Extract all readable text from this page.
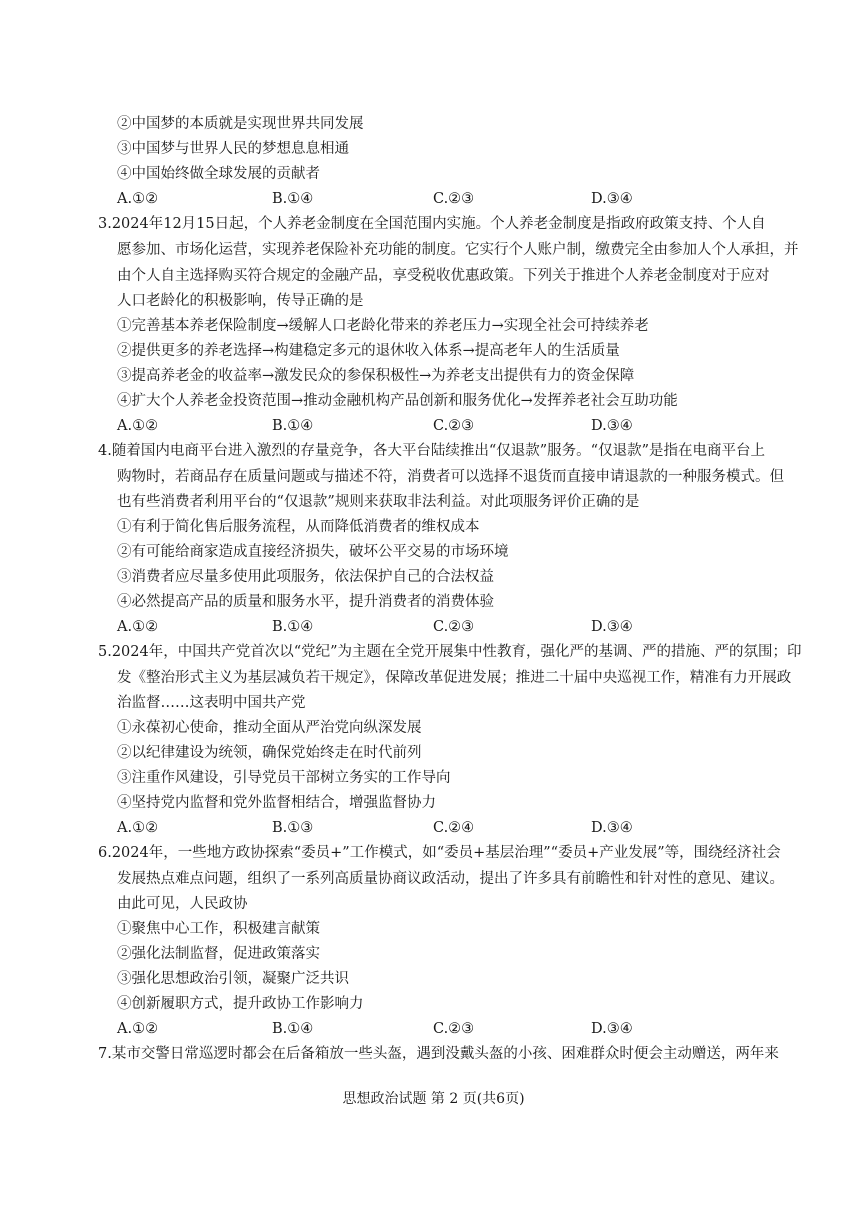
②中国梦的本质就是实现世界共同发展
③中国梦与世界人民的梦想息息相通
④中国始终做全球发展的贡献者
A.①②	B.①④	C.②③	D.③④
3.2024年12月15日起，个人养老金制度在全国范围内实施。个人养老金制度是指政府政策支持、个人自
愿参加、市场化运营，实现养老保险补充功能的制度。它实行个人账户制，缴费完全由参加人个人承担，并
由个人自主选择购买符合规定的金融产品，享受税收优惠政策。下列关于推进个人养老金制度对于应对
人口老龄化的积极影响，传导正确的是
①完善基本养老保险制度→缓解人口老龄化带来的养老压力→实现全社会可持续养老
②提供更多的养老选择→构建稳定多元的退休收入体系→提高老年人的生活质量
③提高养老金的收益率→激发民众的参保积极性→为养老支出提供有力的资金保障
④扩大个人养老金投资范围→推动金融机构产品创新和服务优化→发挥养老社会互助功能
A.①②	B.①④	C.②③	D.③④
4.随着国内电商平台进入激烈的存量竞争，各大平台陆续推出“仅退款”服务。“仅退款”是指在电商平台上
购物时，若商品存在质量问题或与描述不符，消费者可以选择不退货而直接申请退款的一种服务模式。但
也有些消费者利用平台的“仅退款”规则来获取非法利益。对此项服务评价正确的是
①有利于简化售后服务流程，从而降低消费者的维权成本
②有可能给商家造成直接经济损失，破坏公平交易的市场环境
③消费者应尽量多使用此项服务，依法保护自己的合法权益
④必然提高产品的质量和服务水平，提升消费者的消费体验
A.①②	B.①④	C.②③	D.③④
5.2024年，中国共产党首次以“党纪”为主题在全党开展集中性教育，强化严的基调、严的措施、严的氛围；印
发《整治形式主义为基层减负若干规定》，保障改革促进发展；推进二十届中央巡视工作，精准有力开展政
治监督……这表明中国共产党
①永葆初心使命，推动全面从严治党向纵深发展
②以纪律建设为统领，确保党始终走在时代前列
③注重作风建设，引导党员干部树立务实的工作导向
④坚持党内监督和党外监督相结合，增强监督协力
A.①②	B.①③	C.②④	D.③④
6.2024年，一些地方政协探索“委员+”工作模式，如“委员+基层治理”“委员+产业发展”等，围绕经济社会
发展热点难点问题，组织了一系列高质量协商议政活动，提出了许多具有前瞻性和针对性的意见、建议。
由此可见，人民政协
①聚焦中心工作，积极建言献策
②强化法制监督，促进政策落实
③强化思想政治引领，凝聚广泛共识
④创新履职方式，提升政协工作影响力
A.①②	B.①④	C.②③	D.③④
7.某市交警日常巡逻时都会在后备箱放一些头盔，遇到没戴头盔的小孩、困难群众时便会主动赠送，两年来
思想政治试题 第 2 页(共6页)
